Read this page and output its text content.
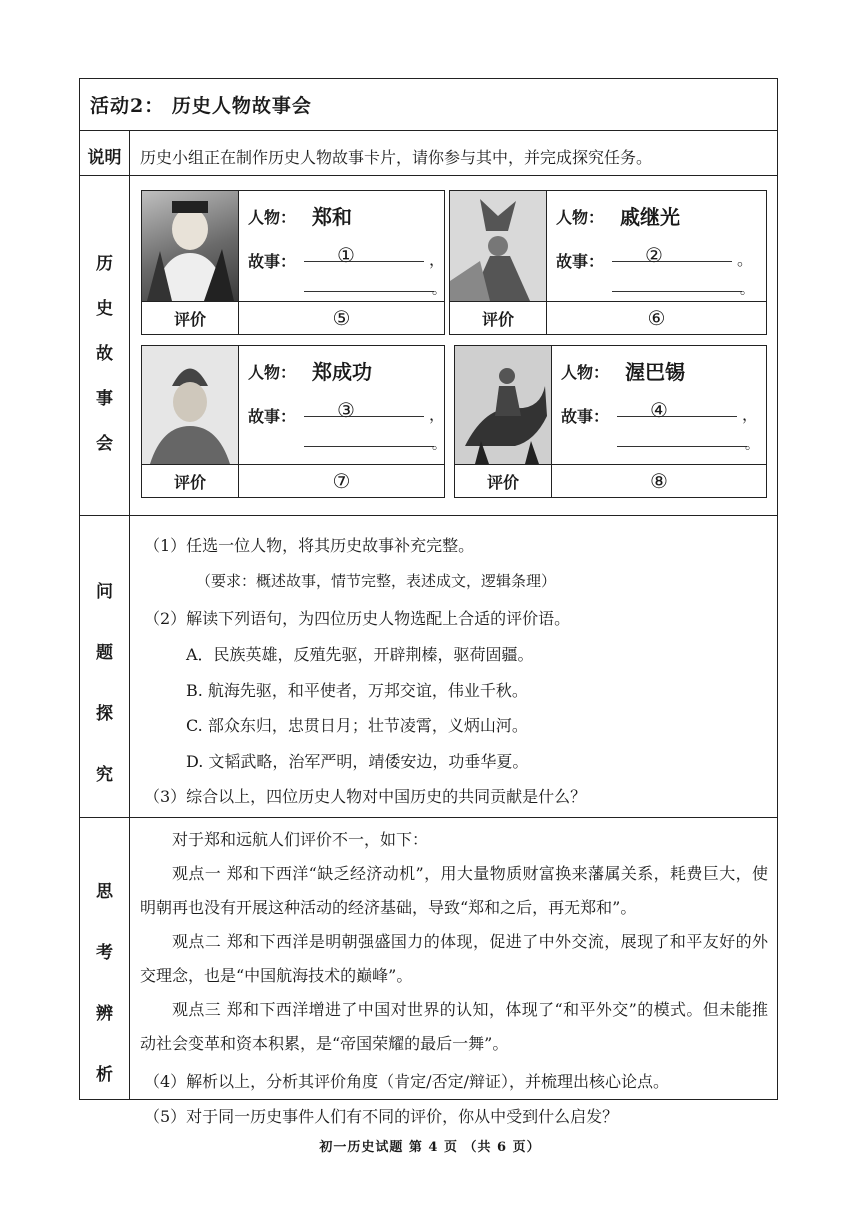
活动2： 历史人物故事会
说明	历史小组正在制作历史人物故事卡片，请你参与其中，并完成探究任务。
历
史
故
事
会
人物： 郑和
故事： ①	，
。
评价	⑤
人物： 戚继光
故事： ②	。
。
评价	⑥
人物： 郑成功
故事： ③	，
。
评价	⑦
人物： 渥巴锡
故事： ④	，
。
评价	⑧
问
题
探
究
（1）任选一位人物，将其历史故事补充完整。
（要求：概述故事，情节完整，表述成文，逻辑条理）
（2）解读下列语句，为四位历史人物选配上合适的评价语。
A．民族英雄，反殖先驱，开辟荆榛，驱荷固疆。
B. 航海先驱，和平使者，万邦交谊，伟业千秋。
C. 部众东归，忠贯日月；壮节凌霄，义炳山河。
D. 文韬武略，治军严明，靖倭安边，功垂华夏。
（3）综合以上，四位历史人物对中国历史的共同贡献是什么？
思
考
辨
析
对于郑和远航人们评价不一，如下：
观点一 郑和下西洋“缺乏经济动机”，用大量物质财富换来藩属关系，耗费巨大，使明朝再也没有开展这种活动的经济基础，导致“郑和之后，再无郑和”。
观点二 郑和下西洋是明朝强盛国力的体现，促进了中外交流，展现了和平友好的外交理念，也是“中国航海技术的巅峰”。
观点三 郑和下西洋增进了中国对世界的认知，体现了“和平外交”的模式。但未能推动社会变革和资本积累，是“帝国荣耀的最后一舞”。
（4）解析以上，分析其评价角度（肯定/否定/辩证），并梳理出核心论点。
（5）对于同一历史事件人们有不同的评价，你从中受到什么启发？
初一历史试题 第 4 页 （共 6 页）
